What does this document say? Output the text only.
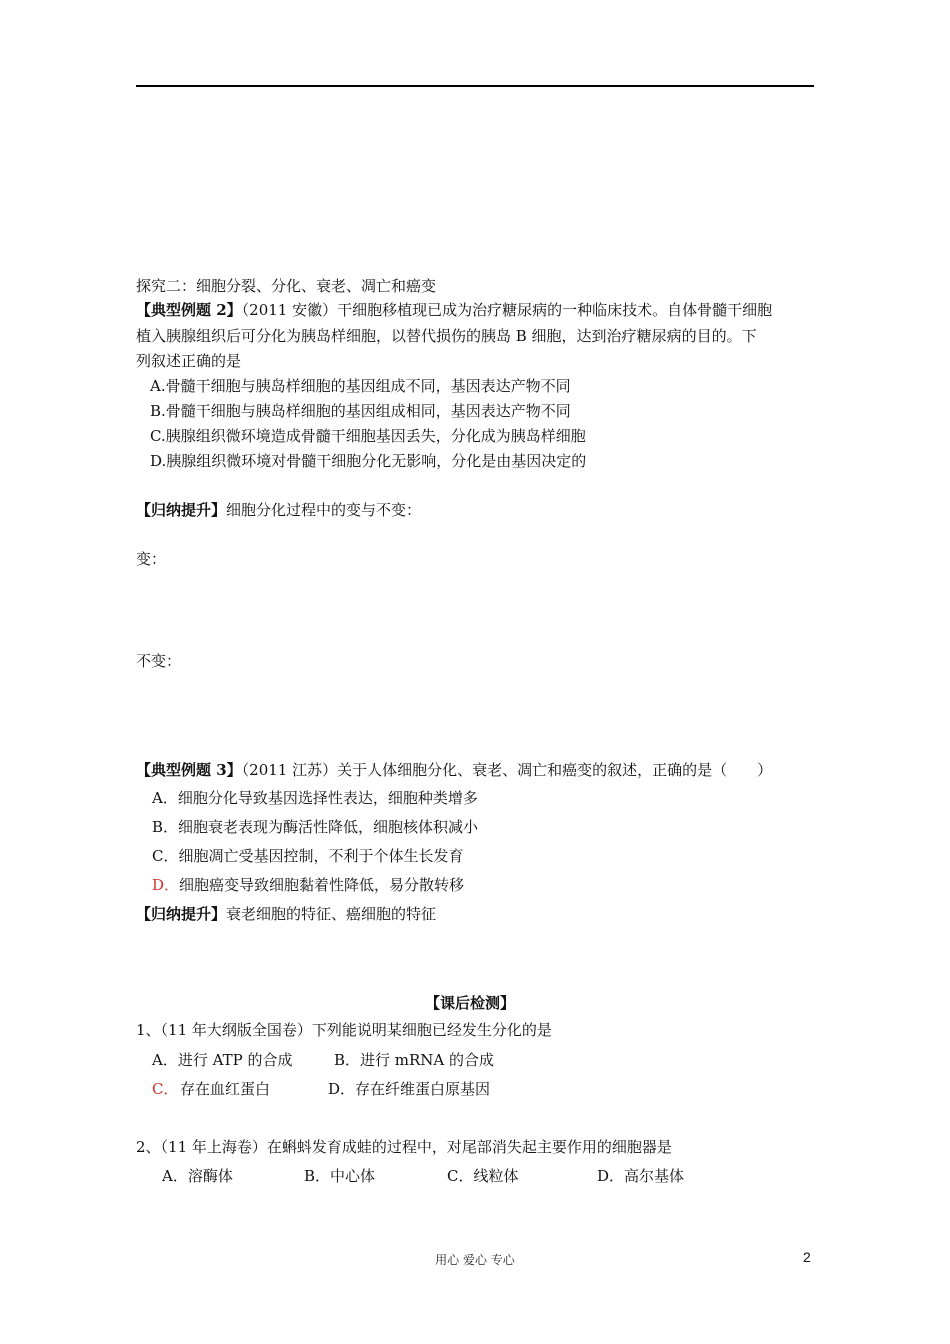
探究二：细胞分裂、分化、衰老、凋亡和癌变
【典型例题 2】（2011 安徽）干细胞移植现已成为治疗糖尿病的一种临床技术。自体骨髓干细胞
植入胰腺组织后可分化为胰岛样细胞，以替代损伤的胰岛 B 细胞，达到治疗糖尿病的目的。下
列叙述正确的是
A.骨髓干细胞与胰岛样细胞的基因组成不同，基因表达产物不同
B.骨髓干细胞与胰岛样细胞的基因组成相同，基因表达产物不同
C.胰腺组织微环境造成骨髓干细胞基因丢失，分化成为胰岛样细胞
D.胰腺组织微环境对骨髓干细胞分化无影响，分化是由基因决定的
【归纳提升】细胞分化过程中的变与不变：
变：
不变：
【典型例题 3】（2011 江苏）关于人体细胞分化、衰老、凋亡和癌变的叙述，正确的是（　　）
A．细胞分化导致基因选择性表达，细胞种类增多
B．细胞衰老表现为酶活性降低，细胞核体积减小
C．细胞凋亡受基因控制，不利于个体生长发育
D．细胞癌变导致细胞黏着性降低，易分散转移
【归纳提升】衰老细胞的特征、癌细胞的特征
【课后检测】
1、（11 年大纲版全国卷）下列能说明某细胞已经发生分化的是
A．进行 ATP 的合成	B．进行 mRNA 的合成
C． 存在血红蛋白	D．存在纤维蛋白原基因
2、（11 年上海卷）在蝌蚪发育成蛙的过程中，对尾部消失起主要作用的细胞器是
A．溶酶体	B．中心体	C．线粒体	D．高尔基体
用心 爱心 专心	2
